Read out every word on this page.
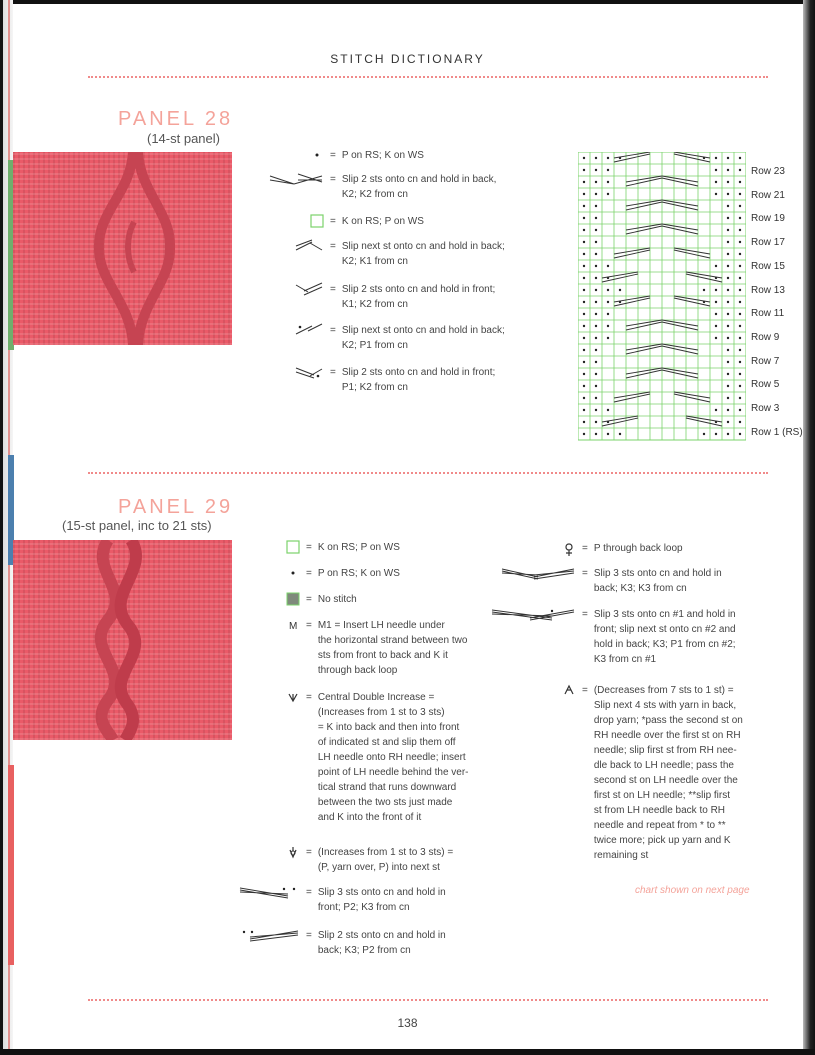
STITCH DICTIONARY
PANEL 28
(14-st panel)
= P on RS; K on WS
= Slip 2 sts onto cn and hold in back,
K2; K2 from cn
= K on RS; P on WS
= Slip next st onto cn and hold in back;
K2; K1 from cn
= Slip 2 sts onto cn and hold in front;
K1; K2 from cn
= Slip next st onto cn and hold in back;
K2; P1 from cn
= Slip 2 sts onto cn and hold in front;
P1; K2 from cn
Row 23
Row 21
Row 19
Row 17
Row 15
Row 13
Row 11
Row 9
Row 7
Row 5
Row 3
Row 1 (RS)
PANEL 29
(15-st panel, inc to 21 sts)
= K on RS; P on WS
= P on RS; K on WS
= No stitch
M = M1 = Insert LH needle under
the horizontal strand between two
sts from front to back and K it
through back loop
= Central Double Increase =
(Increases from 1 st to 3 sts)
= K into back and then into front
of indicated st and slip them off
LH needle onto RH needle; insert
point of LH needle behind the ver-
tical strand that runs downward
between the two sts just made
and K into the front of it
= (Increases from 1 st to 3 sts) =
(P, yarn over, P) into next st
= Slip 3 sts onto cn and hold in
front; P2; K3 from cn
= Slip 2 sts onto cn and hold in
back; K3; P2 from cn
= P through back loop
= Slip 3 sts onto cn and hold in
back; K3; K3 from cn
= Slip 3 sts onto cn #1 and hold in
front; slip next st onto cn #2 and
hold in back; K3; P1 from cn #2;
K3 from cn #1
= (Decreases from 7 sts to 1 st) =
Slip next 4 sts with yarn in back,
drop yarn; *pass the second st on
RH needle over the first st on RH
needle; slip first st from RH nee-
dle back to LH needle; pass the
second st on LH needle over the
first st on LH needle; **slip first
st from LH needle back to RH
needle and repeat from * to **
twice more; pick up yarn and K
remaining st
chart shown on next page
138
